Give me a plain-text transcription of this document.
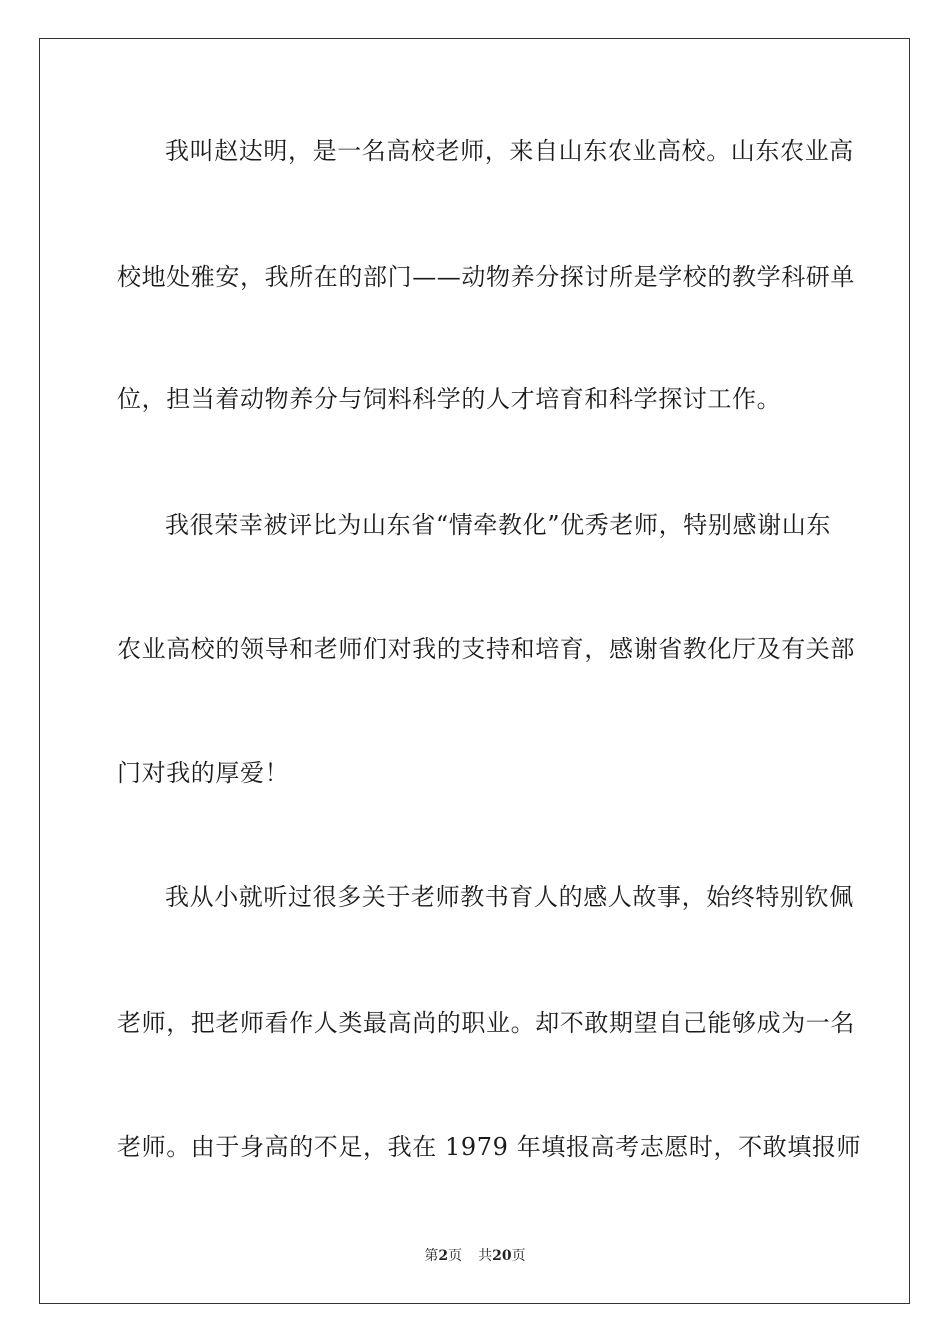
我叫赵达明，是一名高校老师，来自山东农业高校。山东农业高
校地处雅安，我所在的部门——动物养分探讨所是学校的教学科研单
位，担当着动物养分与饲料科学的人才培育和科学探讨工作。
我很荣幸被评比为山东省“情牵教化”优秀老师，特别感谢山东
农业高校的领导和老师们对我的支持和培育，感谢省教化厅及有关部
门对我的厚爱！
我从小就听过很多关于老师教书育人的感人故事，始终特别钦佩
老师，把老师看作人类最高尚的职业。却不敢期望自己能够成为一名
老师。由于身高的不足，我在 1979 年填报高考志愿时，不敢填报师
第2页 共20页
